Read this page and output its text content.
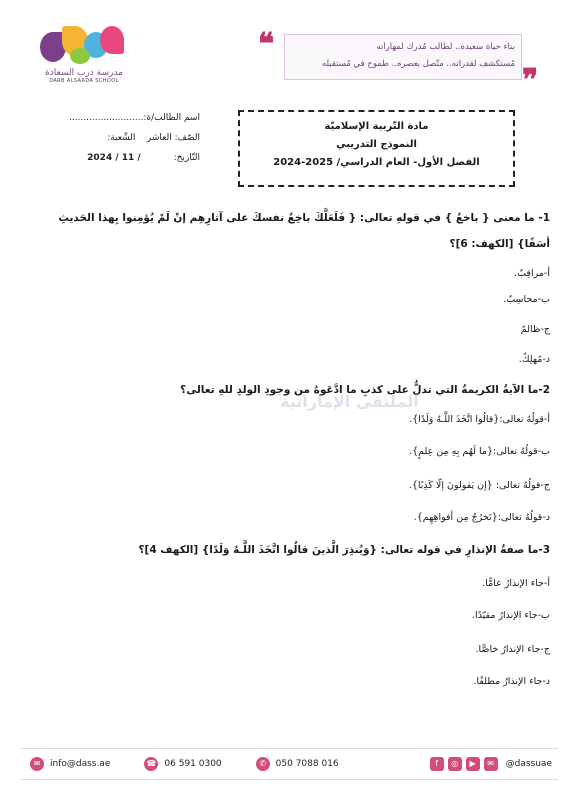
مدرسة درب السعادة
DARB ALSAADA SCHOOL
❝	بناء حياة سعيدة.. لطالب مُدرك لمهاراته
مُستكشف لقدراته.. متّصل بعصره.. طموح في مُستقبله ❞
اسم الطالب/ة:..........................
الصّف: العاشر    الشّعبة:
التّاريخ: 2024 / 11 /
مادة التّربية الإسلاميّة
النموذج التدريبي
الفصل الأول- العام الدراسي/ 2025-2024
الملتقى الإماراتية
1- ما معنى { باخعٌ } في قولهِ تعالى: { فَلَعَلَّكَ باخِعٌ نفسكَ على آثارِهِم إنْ لَمْ يُؤمِنوا بِهذا الحَديثِ
أسَفًا} [الكهف: 6]؟
أ-مراقِبٌ.
ب-محاسِبٌ.
ج-ظالمٌ
د-مُهلِكٌ.
2-ما الآيةُ الكريمةُ التي تدلُّ على كذبِ ما ادَّعَوهُ من وجودِ الولدِ للهِ تعالى؟
أ-قولُهُ تعالى:{قالُوا اتَّخَذَ اللَّـهُ وَلَدًا}.
ب-قولُهُ تعالى:{ما لَهُم بِهِ مِن عِلمٍ}.
ج-قولُهُ تعالى: {إن يَقولونَ إلّا كَذِبًا}.
د-قولُهُ تعالى:{تَخرُجُ مِن أفواهِهِم}.
3-ما صفةُ الإنذارِ في قوله تعالى: {وَيُنذِرَ الَّذينَ قالُوا اتَّخَذَ اللَّـهُ وَلَدًا} [الكهف 4]؟
أ-جاء الإنذارُ عامًّا.
ب-جاء الإنذارُ مقيّدًا.
ج-جاء الإنذارُ خاصًّا.
د-جاء الإنذارُ مطلقًا.
✉	info@dass.ae	☎ 06 591 0300	✆	050 7088 016	f	◎	▶	✉	@dassuae
